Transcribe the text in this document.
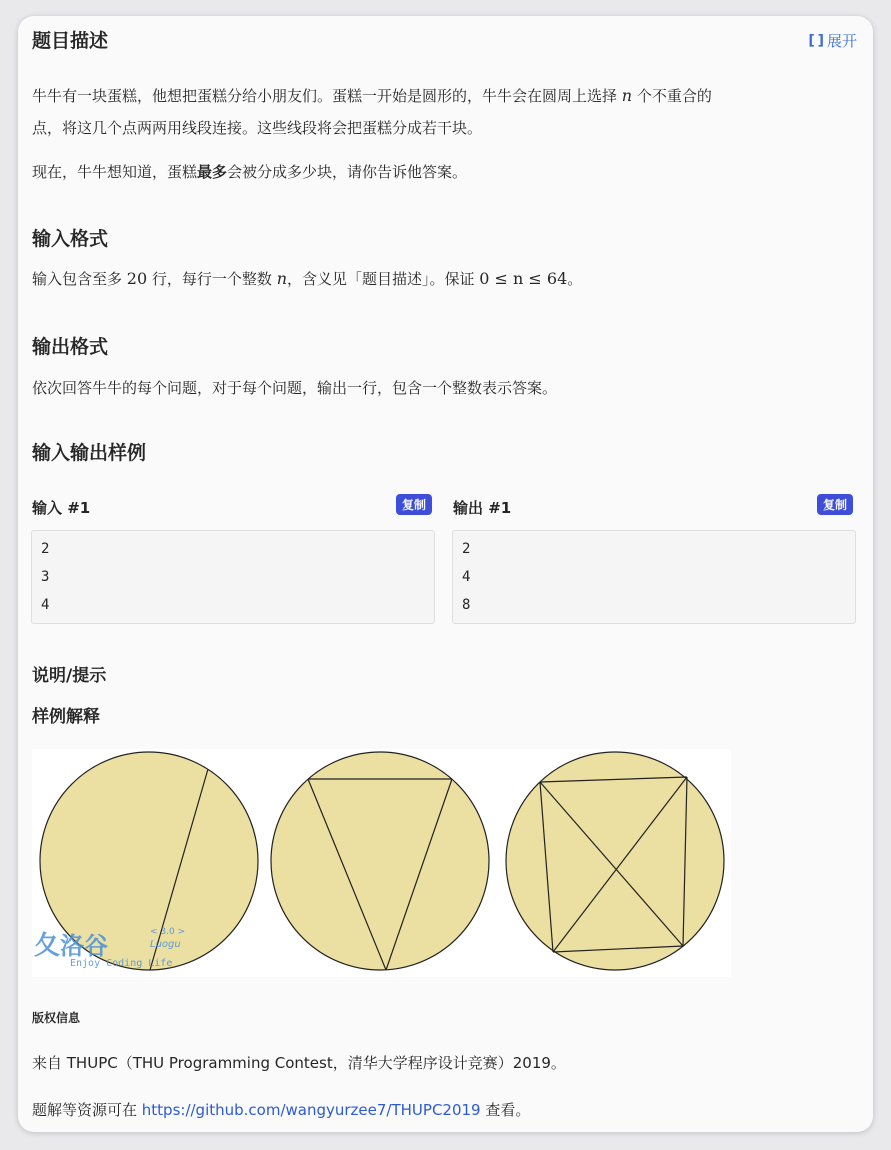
题目描述	[ ] 展开

牛牛有一块蛋糕，他想把蛋糕分给小朋友们。蛋糕一开始是圆形的，牛牛会在圆周上选择 n 个不重合的
点，将这几个点两两用线段连接。这些线段将会把蛋糕分成若干块。

现在，牛牛想知道，蛋糕最多会被分成多少块，请你告诉他答案。

输入格式

输入包含至多 20 行，每行一个整数 n，含义见「题目描述」。保证 0 ≤ n ≤ 64。

输出格式

依次回答牛牛的每个问题，对于每个问题，输出一行，包含一个整数表示答案。

输入输出样例
输入 #1	复制
2
3
4
输出 #1	复制
2
4
8
说明/提示
样例解释
夂洛谷	< 3.0 >
Luogu
Enjoy Coding Life
版权信息

来自 THUPC（THU Programming Contest，清华大学程序设计竞赛）2019。

题解等资源可在 https://github.com/wangyurzee7/THUPC2019 查看。
